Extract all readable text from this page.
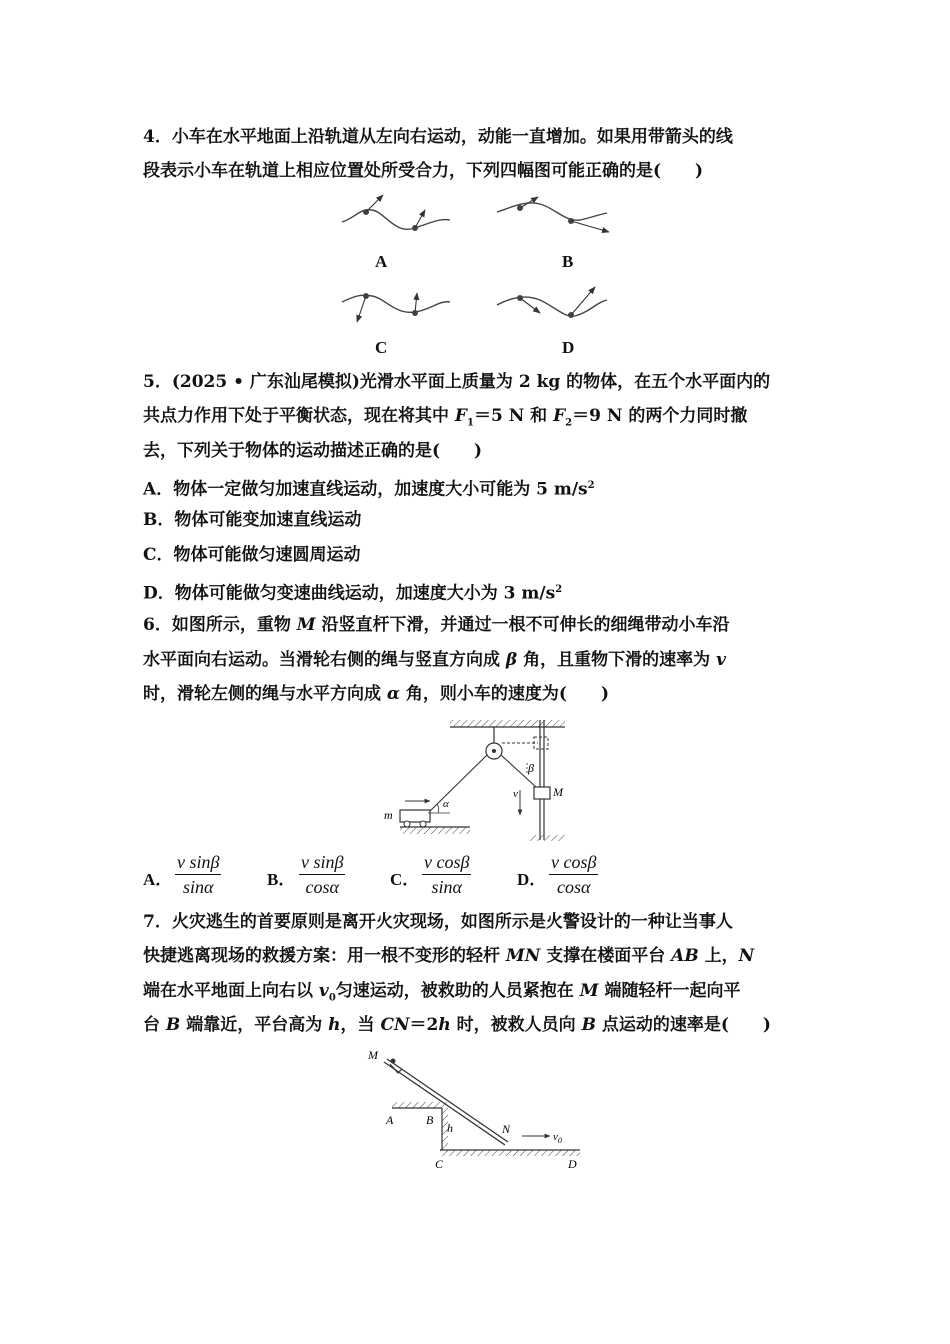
4．小车在水平地面上沿轨道从左向右运动，动能一直增加。如果用带箭头的线
段表示小车在轨道上相应位置处所受合力，下列四幅图可能正确的是(　　)
A	B
C	D
5．(2025 • 广东汕尾模拟)光滑水平面上质量为 2 kg 的物体，在五个水平面内的
共点力作用下处于平衡状态，现在将其中 $F_1=5$ N 和 $F_2=9$ N 的两个力同时撤
去，下列关于物体的运动描述正确的是(　　)
A．物体一定做匀加速直线运动，加速度大小可能为 5 $m/s^2$
B．物体可能变加速直线运动
C．物体可能做匀速圆周运动
D．物体可能做匀变速曲线运动，加速度大小为 3 $m/s^2$
6．如图所示，重物 M 沿竖直杆下滑，并通过一根不可伸长的细绳带动小车沿
水平面向右运动。当滑轮右侧的绳与竖直方向成 β 角，且重物下滑的速率为 v
时，滑轮左侧的绳与水平方向成 α 角，则小车的速度为(　　)
α
β
v	M
m
A． $\frac{\text{v sinβ}}{\sin\alpha}$	B． $\frac{\text{v sinβ}}{\cos\alpha}$	C． $\frac{\text{v cosβ}}{\sin\alpha}$	D． $\frac{\text{v cosβ}}{\cos\alpha}$
7．火灾逃生的首要原则是离开火灾现场，如图所示是火警设计的一种让当事人
快捷逃离现场的救援方案：用一根不变形的轻杆 MN 支撑在楼面平台 AB 上，N
端在水平地面上向右以 $v_0$匀速运动，被救助的人员紧抱在 M 端随轻杆一起向平
台 B 端靠近，平台高为 h，当 CN＝2h 时，被救人员向 B 点运动的速率是(　　)
M
A	B
h	N
C	D
$v_0$
